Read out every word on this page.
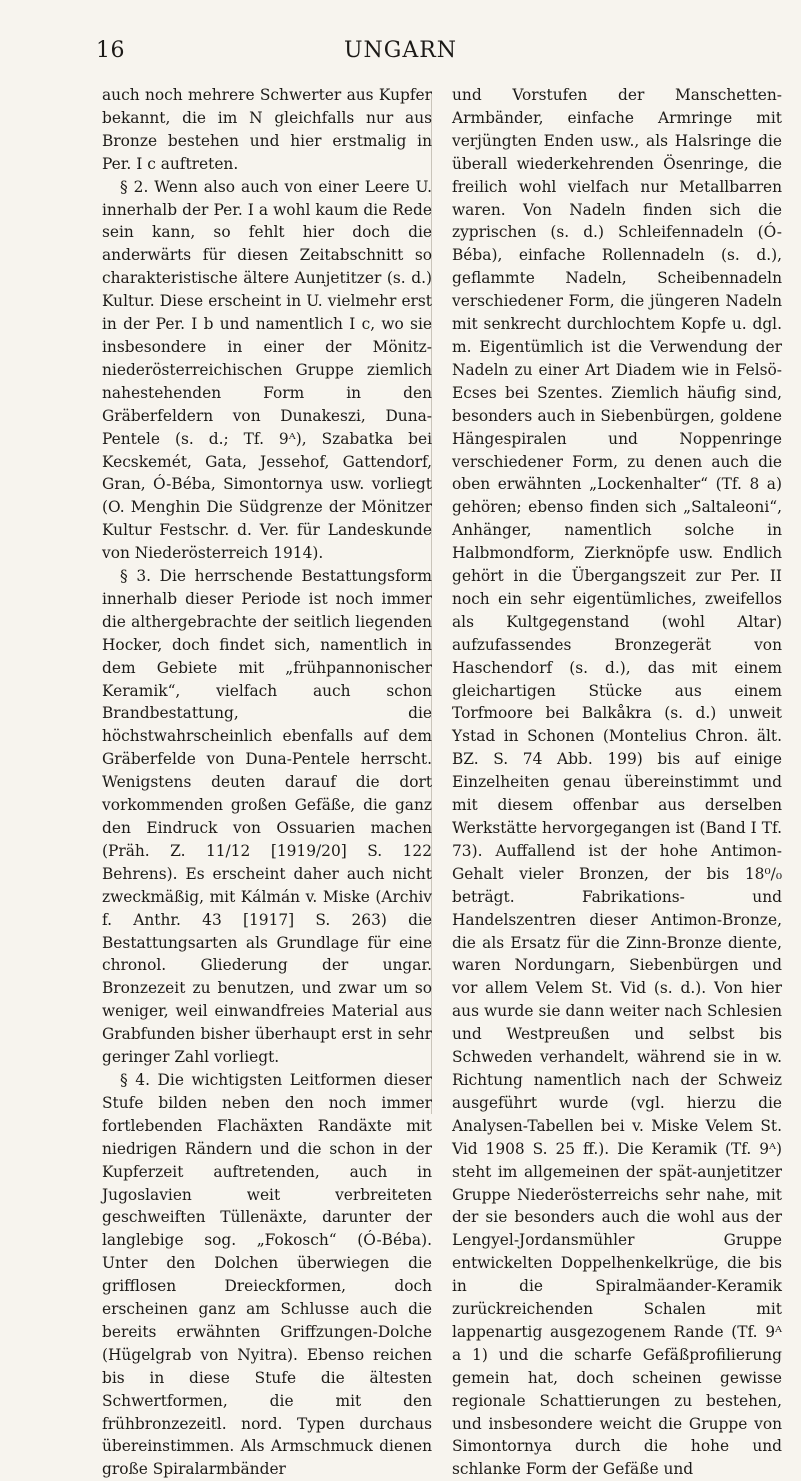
16	UNGARN

auch noch mehrere Schwerter aus Kupfer bekannt, die im N gleichfalls nur aus Bronze bestehen und hier erstmalig in Per. I c auftreten.

§ 2. Wenn also auch von einer Leere U. innerhalb der Per. I a wohl kaum die Rede sein kann, so fehlt hier doch die anderwärts für diesen Zeitabschnitt so charakteristische ältere Aunjetitzer (s. d.) Kultur. Diese erscheint in U. vielmehr erst in der Per. I b und namentlich I c, wo sie insbesondere in einer der Mönitz-niederösterreichischen Gruppe ziemlich nahestehenden Form in den Gräberfeldern von Dunakeszi, Duna-Pentele (s. d.; Tf. 9ᴬ), Szabatka bei Kecskemét, Gata, Jessehof, Gattendorf, Gran, Ó-Béba, Simontornya usw. vorliegt (O. Menghin Die Südgrenze der Mönitzer Kultur Festschr. d. Ver. für Landeskunde von Niederösterreich 1914).

§ 3. Die herrschende Bestattungsform innerhalb dieser Periode ist noch immer die althergebrachte der seitlich liegenden Hocker, doch findet sich, namentlich in dem Gebiete mit „frühpannonischer Keramik“, vielfach auch schon Brandbestattung, die höchstwahrscheinlich ebenfalls auf dem Gräberfelde von Duna-Pentele herrscht. Wenigstens deuten darauf die dort vorkommenden großen Gefäße, die ganz den Eindruck von Ossuarien machen (Präh. Z. 11/12 [1919/20] S. 122 Behrens). Es erscheint daher auch nicht zweckmäßig, mit Kálmán v. Miske (Archiv f. Anthr. 43 [1917] S. 263) die Bestattungsarten als Grundlage für eine chronol. Gliederung der ungar. Bronzezeit zu benutzen, und zwar um so weniger, weil einwandfreies Material aus Grabfunden bisher überhaupt erst in sehr geringer Zahl vorliegt.

§ 4. Die wichtigsten Leitformen dieser Stufe bilden neben den noch immer fortlebenden Flachäxten Randäxte mit niedrigen Rändern und die schon in der Kupferzeit auftretenden, auch in Jugoslavien weit verbreiteten geschweiften Tüllenäxte, darunter der langlebige sog. „Fokosch“ (Ó-Béba). Unter den Dolchen überwiegen die grifflosen Dreieckformen, doch erscheinen ganz am Schlusse auch die bereits erwähnten Griffzungen-Dolche (Hügelgrab von Nyitra). Ebenso reichen bis in diese Stufe die ältesten Schwertformen, die mit den frühbronzezeitl. nord. Typen durchaus übereinstimmen. Als Armschmuck dienen große Spiralarmbänder

und Vorstufen der Manschetten-Armbänder, einfache Armringe mit verjüngten Enden usw., als Halsringe die überall wiederkehrenden Ösenringe, die freilich wohl vielfach nur Metallbarren waren. Von Nadeln finden sich die zyprischen (s. d.) Schleifennadeln (Ó-Béba), einfache Rollennadeln (s. d.), geflammte Nadeln, Scheibennadeln verschiedener Form, die jüngeren Nadeln mit senkrecht durchlochtem Kopfe u. dgl. m. Eigentümlich ist die Verwendung der Nadeln zu einer Art Diadem wie in Felsö-Ecses bei Szentes. Ziemlich häufig sind, besonders auch in Siebenbürgen, goldene Hängespiralen und Noppenringe verschiedener Form, zu denen auch die oben erwähnten „Lockenhalter“ (Tf. 8 a) gehören; ebenso finden sich „Saltaleoni“, Anhänger, namentlich solche in Halbmondform, Zierknöpfe usw. Endlich gehört in die Übergangszeit zur Per. II noch ein sehr eigentümliches, zweifellos als Kultgegenstand (wohl Altar) aufzufassendes Bronzegerät von Haschendorf (s. d.), das mit einem gleichartigen Stücke aus einem Torfmoore bei Balkåkra (s. d.) unweit Ystad in Schonen (Montelius Chron. ält. BZ. S. 74 Abb. 199) bis auf einige Einzelheiten genau übereinstimmt und mit diesem offenbar aus derselben Werkstätte hervorgegangen ist (Band I Tf. 73). Auffallend ist der hohe Antimon-Gehalt vieler Bronzen, der bis 18⁰/₀ beträgt. Fabrikations- und Handelszentren dieser Antimon-Bronze, die als Ersatz für die Zinn-Bronze diente, waren Nordungarn, Siebenbürgen und vor allem Velem St. Vid (s. d.). Von hier aus wurde sie dann weiter nach Schlesien und Westpreußen und selbst bis Schweden verhandelt, während sie in w. Richtung namentlich nach der Schweiz ausgeführt wurde (vgl. hierzu die Analysen-Tabellen bei v. Miske Velem St. Vid 1908 S. 25 ff.). Die Keramik (Tf. 9ᴬ) steht im allgemeinen der spät-aunjetitzer Gruppe Niederösterreichs sehr nahe, mit der sie besonders auch die wohl aus der Lengyel-Jordansmühler Gruppe entwickelten Doppelhenkelkrüge, die bis in die Spiralmäander-Keramik zurückreichenden Schalen mit lappenartig ausgezogenem Rande (Tf. 9ᴬ a 1) und die scharfe Gefäßprofilierung gemein hat, doch scheinen gewisse regionale Schattierungen zu bestehen, und insbesondere weicht die Gruppe von Simontornya durch die hohe und schlanke Form der Gefäße und
